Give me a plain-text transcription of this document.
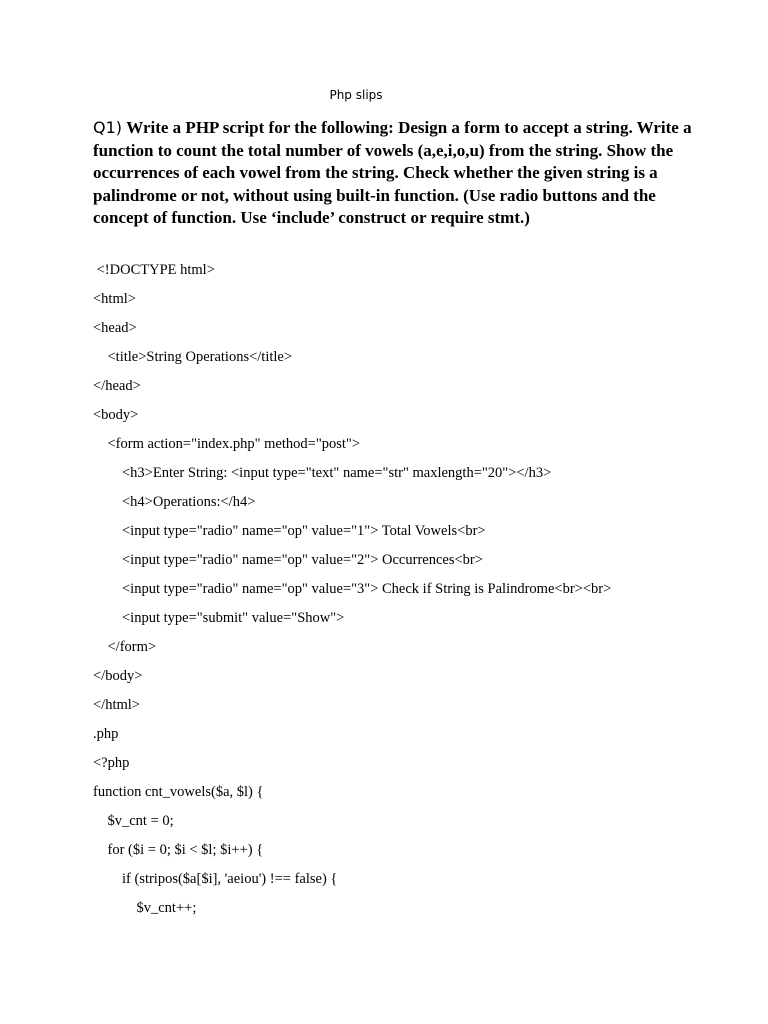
Php slips
Q1) Write a PHP script for the following: Design a form to accept a string. Write a function to count the total number of vowels (a,e,i,o,u) from the string. Show the occurrences of each vowel from the string. Check whether the given string is a palindrome or not, without using built-in function. (Use radio buttons and the concept of function. Use ‘include’ construct or require stmt.)
<!DOCTYPE html>
<html>
<head>
<title>String Operations</title>
</head>
<body>
<form action="index.php" method="post">
<h3>Enter String: <input type="text" name="str" maxlength="20"></h3>
<h4>Operations:</h4>
<input type="radio" name="op" value="1"> Total Vowels<br>
<input type="radio" name="op" value="2"> Occurrences<br>
<input type="radio" name="op" value="3"> Check if String is Palindrome<br><br>
<input type="submit" value="Show">
</form>
</body>
</html>
.php
<?php
function cnt_vowels($a, $l) {
$v_cnt = 0;
for ($i = 0; $i < $l; $i++) {
if (stripos($a[$i], 'aeiou') !== false) {
$v_cnt++;
